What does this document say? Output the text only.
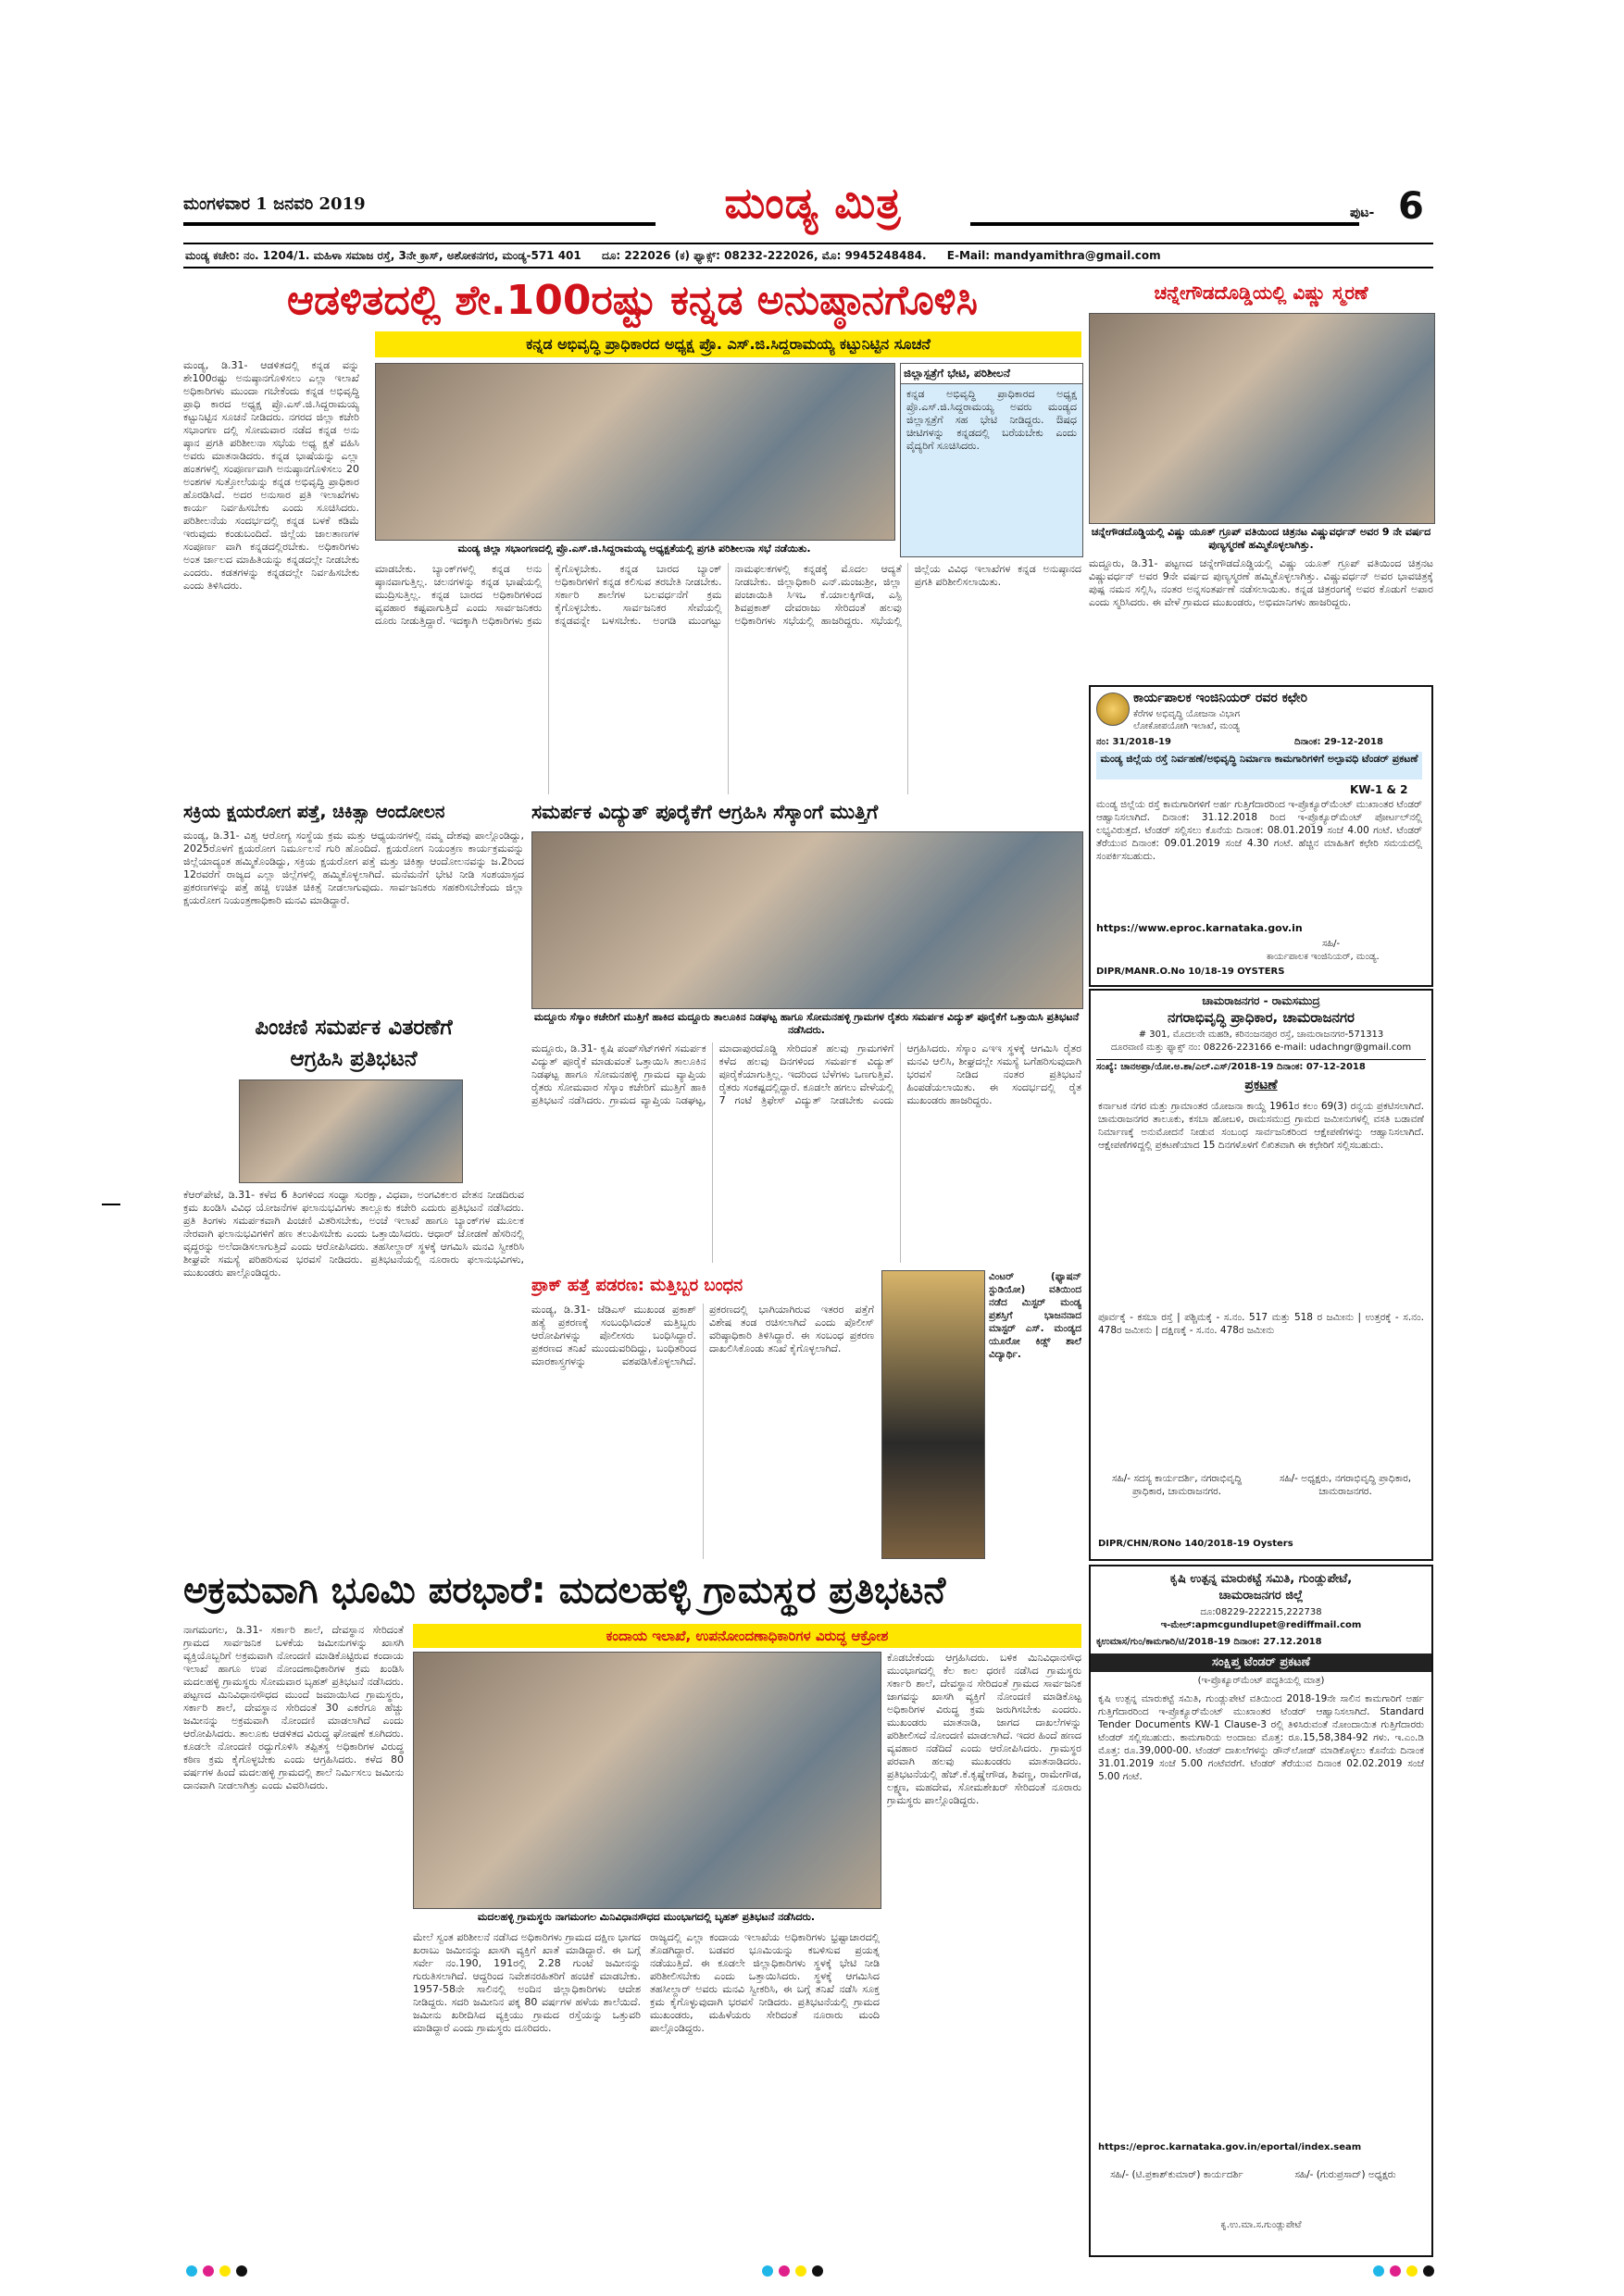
ಮಂಗಳವಾರ 1 ಜನವರಿ 2019	ಮಂಡ್ಯ ಮಿತ್ರ	ಪುಟ- 6
ಮಂಡ್ಯ ಕಚೇರಿ: ನಂ. 1204/1. ಮಹಿಳಾ ಸಮಾಜ ರಸ್ತೆ, 3ನೇ ಕ್ರಾಸ್, ಅಶೋಕನಗರ, ಮಂಡ್ಯ-571 401 ದೂ: 222026 (ಕ) ಫ್ಯಾಕ್ಸ್: 08232-222026, ಮೊ: 9945248484. E-Mail: mandyamithra@gmail.com
ಆಡಳಿತದಲ್ಲಿ ಶೇ.100ರಷ್ಟು ಕನ್ನಡ ಅನುಷ್ಠಾನಗೊಳಿಸಿ
ಮಂಡ್ಯ, ಡಿ.31- ಆಡಳಿತದಲ್ಲಿ ಕನ್ನಡ ವನ್ನು ಶೇ100ರಷ್ಟು ಅನುಷ್ಠಾನಗೊಳಿಸಲು ಎಲ್ಲಾ ಇಲಾಖೆ ಅಧಿಕಾರಿಗಳು ಮುಂದಾ ಗಬೇಕೆಂದು ಕನ್ನಡ ಅಭಿವೃದ್ಧಿ ಪ್ರಾಧಿ ಕಾರದ ಅಧ್ಯಕ್ಷ ಪ್ರೊ.ಎಸ್.ಜಿ.ಸಿದ್ದರಾಮಯ್ಯ ಕಟ್ಟುನಿಟ್ಟಿನ ಸೂಚನೆ ನೀಡಿದರು. ನಗರದ ಜಿಲ್ಲಾ ಕಚೇರಿ ಸಭಾಂಗಣ ದಲ್ಲಿ ಸೋಮವಾರ ನಡೆದ ಕನ್ನಡ ಅನು ಷ್ಠಾನ ಪ್ರಗತಿ ಪರಿಶೀಲನಾ ಸಭೆಯ ಅಧ್ಯ ಕ್ಷತೆ ವಹಿಸಿ ಅವರು ಮಾತನಾಡಿದರು. ಕನ್ನಡ ಭಾಷೆಯನ್ನು ಎಲ್ಲಾ ಹಂತಗಳಲ್ಲಿ ಸಂಪೂರ್ಣವಾಗಿ ಅನುಷ್ಠಾನಗೊಳಿಸಲು 20 ಅಂಶಗಳ ಸುತ್ತೋಲೆಯನ್ನು ಕನ್ನಡ ಅಭಿವೃದ್ಧಿ ಪ್ರಾಧಿಕಾರ ಹೊರಡಿಸಿದೆ. ಅದರ ಅನುಸಾರ ಪ್ರತಿ ಇಲಾಖೆಗಳು ಕಾರ್ಯ ನಿರ್ವಹಿಸಬೇಕು ಎಂದು ಸೂಚಿಸಿದರು. ಪರಿಶೀಲನೆಯ ಸಂದರ್ಭದಲ್ಲಿ ಕನ್ನಡ ಬಳಕೆ ಕಡಿಮೆ ಇರುವುದು ಕಂಡುಬಂದಿದೆ. ಜಿಲ್ಲೆಯ ಜಾಲತಾಣಗಳ ಸಂಪೂರ್ಣ ವಾಗಿ ಕನ್ನಡದಲ್ಲಿರಬೇಕು. ಅಧಿಕಾರಿಗಳು ಅಂತ ರ್ಜಾಲದ ಮಾಹಿತಿಯನ್ನು ಕನ್ನಡದಲ್ಲೇ ನೀಡಬೇಕು ಎಂದರು. ಕಡತಗಳನ್ನು ಕನ್ನಡದಲ್ಲೇ ನಿರ್ವಹಿಸಬೇಕು ಎಂದು ತಿಳಿಸಿದರು.
ಕನ್ನಡ ಅಭಿವೃದ್ಧಿ ಪ್ರಾಧಿಕಾರದ ಅಧ್ಯಕ್ಷ ಪ್ರೊ. ಎಸ್.ಜಿ.ಸಿದ್ದರಾಮಯ್ಯ ಕಟ್ಟುನಿಟ್ಟಿನ ಸೂಚನೆ
ಮಂಡ್ಯ ಜಿಲ್ಲಾ ಸಭಾಂಗಣದಲ್ಲಿ ಪ್ರೊ.ಎಸ್.ಜಿ.ಸಿದ್ದರಾಮಯ್ಯ ಅಧ್ಯಕ್ಷತೆಯಲ್ಲಿ ಪ್ರಗತಿ ಪರಿಶೀಲನಾ ಸಭೆ ನಡೆಯಿತು.
ಜಿಲ್ಲಾಸ್ಪತ್ರೆಗೆ ಭೇಟಿ, ಪರಿಶೀಲನೆ
ಕನ್ನಡ ಅಭಿವೃದ್ಧಿ ಪ್ರಾಧಿಕಾರದ ಅಧ್ಯಕ್ಷ ಪ್ರೊ.ಎಸ್.ಜಿ.ಸಿದ್ದರಾಮಯ್ಯ ಅವರು ಮಂಡ್ಯದ ಜಿಲ್ಲಾಸ್ಪತ್ರೆಗೆ ಸಹ ಭೇಟಿ ನೀಡಿದ್ದರು. ಔಷಧ ಚೀಟಿಗಳನ್ನು ಕನ್ನಡದಲ್ಲಿ ಬರೆಯಬೇಕು ಎಂದು ವೈದ್ಯರಿಗೆ ಸೂಚಿಸಿದರು.
ಮಾಡಬೇಕು. ಬ್ಯಾಂಕ್‌ಗಳಲ್ಲಿ ಕನ್ನಡ ಅನು ಷ್ಠಾನವಾಗುತ್ತಿಲ್ಲ. ಚಲನಗಳನ್ನು ಕನ್ನಡ ಭಾಷೆಯಲ್ಲಿ ಮುದ್ರಿಸುತ್ತಿಲ್ಲ. ಕನ್ನಡ ಬಾರದ ಅಧಿಕಾರಿಗಳಿಂದ ವ್ಯವಹಾರ ಕಷ್ಟವಾಗುತ್ತಿದೆ ಎಂದು ಸಾರ್ವಜನಿಕರು ದೂರು ನೀಡುತ್ತಿದ್ದಾರೆ. ಇದಕ್ಕಾಗಿ ಅಧಿಕಾರಿಗಳು ಕ್ರಮ ಕೈಗೊಳ್ಳಬೇಕು. ಕನ್ನಡ ಬಾರದ ಬ್ಯಾಂಕ್ ಅಧಿಕಾರಿಗಳಿಗೆ ಕನ್ನಡ ಕಲಿಸುವ ತರಬೇತಿ ನೀಡಬೇಕು. ಸರ್ಕಾರಿ ಶಾಲೆಗಳ ಬಲವರ್ಧನೆಗೆ ಕ್ರಮ ಕೈಗೊಳ್ಳಬೇಕು. ಸಾರ್ವಜನಿಕರ ಸೇವೆಯಲ್ಲಿ ಕನ್ನಡವನ್ನೇ ಬಳಸಬೇಕು. ಅಂಗಡಿ ಮುಂಗಟ್ಟು ನಾಮಫಲಕಗಳಲ್ಲಿ ಕನ್ನಡಕ್ಕೆ ಮೊದಲ ಆದ್ಯತೆ ನೀಡಬೇಕು. ಜಿಲ್ಲಾಧಿಕಾರಿ ಎನ್.ಮಂಜುಶ್ರೀ, ಜಿಲ್ಲಾ ಪಂಚಾಯಿತಿ ಸಿಇಒ ಕೆ.ಯಾಲಕ್ಕಿಗೌಡ, ಎಸ್ಪಿ ಶಿವಪ್ರಕಾಶ್ ದೇವರಾಜು ಸೇರಿದಂತೆ ಹಲವು ಅಧಿಕಾರಿಗಳು ಸಭೆಯಲ್ಲಿ ಹಾಜರಿದ್ದರು. ಸಭೆಯಲ್ಲಿ ಜಿಲ್ಲೆಯ ವಿವಿಧ ಇಲಾಖೆಗಳ ಕನ್ನಡ ಅನುಷ್ಠಾನದ ಪ್ರಗತಿ ಪರಿಶೀಲಿಸಲಾಯಿತು.
ಚನ್ನೇಗೌಡದೊಡ್ಡಿಯಲ್ಲಿ ವಿಷ್ಣು ಸ್ಮರಣೆ
ಚನ್ನೇಗೌಡದೊಡ್ಡಿಯಲ್ಲಿ ವಿಷ್ಣು ಯೂತ್ ಗ್ರೂಪ್ ವತಿಯಿಂದ ಚಿತ್ರನಟ ವಿಷ್ಣುವರ್ಧನ್ ಅವರ 9 ನೇ ವರ್ಷದ ಪುಣ್ಯಸ್ಮರಣೆ ಹಮ್ಮಿಕೊಳ್ಳಲಾಗಿತ್ತು.
ಮದ್ದೂರು, ಡಿ.31- ಪಟ್ಟಣದ ಚನ್ನೇಗೌಡದೊಡ್ಡಿಯಲ್ಲಿ ವಿಷ್ಣು ಯೂತ್ ಗ್ರೂಪ್ ವತಿಯಿಂದ ಚಿತ್ರನಟ ವಿಷ್ಣುವರ್ಧನ್ ಅವರ 9ನೇ ವರ್ಷದ ಪುಣ್ಯಸ್ಮರಣೆ ಹಮ್ಮಿಕೊಳ್ಳಲಾಗಿತ್ತು. ವಿಷ್ಣುವರ್ಧನ್ ಅವರ ಭಾವಚಿತ್ರಕ್ಕೆ ಪುಷ್ಪ ನಮನ ಸಲ್ಲಿಸಿ, ನಂತರ ಅನ್ನಸಂತರ್ಪಣೆ ನಡೆಸಲಾಯಿತು. ಕನ್ನಡ ಚಿತ್ರರಂಗಕ್ಕೆ ಅವರ ಕೊಡುಗೆ ಅಪಾರ ಎಂದು ಸ್ಮರಿಸಿದರು. ಈ ವೇಳೆ ಗ್ರಾಮದ ಮುಖಂಡರು, ಅಭಿಮಾನಿಗಳು ಹಾಜರಿದ್ದರು.
ಕಾರ್ಯಪಾಲಕ ಇಂಜಿನಿಯರ್ ರವರ ಕಛೇರಿ
ಕೆರೆಗಳ ಅಭಿವೃದ್ಧಿ ಯೋಜನಾ ವಿಭಾಗ
ಲೋಕೋಪಯೋಗಿ ಇಲಾಖೆ, ಮಂಡ್ಯ
ನಂ: 31/2018-19	ದಿನಾಂಕ: 29-12-2018
ಮಂಡ್ಯ ಜಿಲ್ಲೆಯ ರಸ್ತೆ ನಿರ್ವಹಣೆ/ಅಭಿವೃದ್ಧಿ ನಿರ್ಮಾಣ ಕಾಮಗಾರಿಗಳಿಗೆ ಅಲ್ಪಾವಧಿ ಟೆಂಡರ್ ಪ್ರಕಟಣೆ
KW-1 & 2
ಮಂಡ್ಯ ಜಿಲ್ಲೆಯ ರಸ್ತೆ ಕಾಮಗಾರಿಗಳಿಗೆ ಅರ್ಹ ಗುತ್ತಿಗೆದಾರರಿಂದ ಇ-ಪ್ರೊಕ್ಯೂರ್‌ಮೆಂಟ್ ಮುಖಾಂತರ ಟೆಂಡರ್ ಆಹ್ವಾನಿಸಲಾಗಿದೆ. ದಿನಾಂಕ: 31.12.2018 ರಿಂದ ಇ-ಪ್ರೊಕ್ಯೂರ್‌ಮೆಂಟ್ ಪೋರ್ಟಲ್‌ನಲ್ಲಿ ಲಭ್ಯವಿರುತ್ತದೆ. ಟೆಂಡರ್ ಸಲ್ಲಿಸಲು ಕೊನೆಯ ದಿನಾಂಕ: 08.01.2019 ಸಂಜೆ 4.00 ಗಂಟೆ. ಟೆಂಡರ್ ತೆರೆಯುವ ದಿನಾಂಕ: 09.01.2019 ಸಂಜೆ 4.30 ಗಂಟೆ. ಹೆಚ್ಚಿನ ಮಾಹಿತಿಗೆ ಕಛೇರಿ ಸಮಯದಲ್ಲಿ ಸಂಪರ್ಕಿಸಬಹುದು.
https://www.eproc.karnataka.gov.in
ಸಹಿ/-
ಕಾರ್ಯಪಾಲಕ ಇಂಜಿನಿಯರ್, ಮಂಡ್ಯ.
DIPR/MANR.O.No 10/18-19 OYSTERS
ಸಕ್ರಿಯ ಕ್ಷಯರೋಗ ಪತ್ತೆ, ಚಿಕಿತ್ಸಾ ಆಂದೋಲನ
ಮಂಡ್ಯ, ಡಿ.31- ವಿಶ್ವ ಆರೋಗ್ಯ ಸಂಸ್ಥೆಯ ಕ್ರಮ ಮತ್ತು ಆಧ್ಯಯನಗಳಲ್ಲಿ ನಮ್ಮ ದೇಶವು ಪಾಲ್ಗೊಂಡಿದ್ದು, 2025ರೊಳಗೆ ಕ್ಷಯರೋಗ ನಿರ್ಮೂಲನೆ ಗುರಿ ಹೊಂದಿದೆ. ಕ್ಷಯರೋಗ ನಿಯಂತ್ರಣ ಕಾರ್ಯಕ್ರಮವನ್ನು ಜಿಲ್ಲೆಯಾದ್ಯಂತ ಹಮ್ಮಿಕೊಂಡಿದ್ದು, ಸಕ್ರಿಯ ಕ್ಷಯರೋಗ ಪತ್ತೆ ಮತ್ತು ಚಿಕಿತ್ಸಾ ಆಂದೋಲನವನ್ನು ಜ.2ರಿಂದ 12ರವರೆಗೆ ರಾಜ್ಯದ ಎಲ್ಲಾ ಜಿಲ್ಲೆಗಳಲ್ಲಿ ಹಮ್ಮಿಕೊಳ್ಳಲಾಗಿದೆ. ಮನೆಮನೆಗೆ ಭೇಟಿ ನೀಡಿ ಸಂಶಯಾಸ್ಪದ ಪ್ರಕರಣಗಳನ್ನು ಪತ್ತೆ ಹಚ್ಚಿ ಉಚಿತ ಚಿಕಿತ್ಸೆ ನೀಡಲಾಗುವುದು. ಸಾರ್ವಜನಿಕರು ಸಹಕರಿಸಬೇಕೆಂದು ಜಿಲ್ಲಾ ಕ್ಷಯರೋಗ ನಿಯಂತ್ರಣಾಧಿಕಾರಿ ಮನವಿ ಮಾಡಿದ್ದಾರೆ.
ಪಿಂಚಣಿ ಸಮರ್ಪಕ ವಿತರಣೆಗೆ
ಆಗ್ರಹಿಸಿ ಪ್ರತಿಭಟನೆ
ಕೆಆರ್‌ಪೇಟೆ, ಡಿ.31- ಕಳೆದ 6 ತಿಂಗಳಿಂದ ಸಂಧ್ಯಾ ಸುರಕ್ಷಾ, ವಿಧವಾ, ಅಂಗವಿಕಲರ ವೇತನ ನೀಡದಿರುವ ಕ್ರಮ ಖಂಡಿಸಿ ವಿವಿಧ ಯೋಜನೆಗಳ ಫಲಾನುಭವಿಗಳು ತಾಲ್ಲೂಕು ಕಚೇರಿ ಎದುರು ಪ್ರತಿಭಟನೆ ನಡೆಸಿದರು. ಪ್ರತಿ ತಿಂಗಳು ಸಮರ್ಪಕವಾಗಿ ಪಿಂಚಣಿ ವಿತರಿಸಬೇಕು, ಅಂಚೆ ಇಲಾಖೆ ಹಾಗೂ ಬ್ಯಾಂಕ್‌ಗಳ ಮೂಲಕ ನೇರವಾಗಿ ಫಲಾನುಭವಿಗಳಿಗೆ ಹಣ ತಲುಪಿಸಬೇಕು ಎಂದು ಒತ್ತಾಯಿಸಿದರು. ಆಧಾರ್ ಜೋಡಣೆ ಹೆಸರಿನಲ್ಲಿ ವೃದ್ಧರನ್ನು ಅಲೆದಾಡಿಸಲಾಗುತ್ತಿದೆ ಎಂದು ಆರೋಪಿಸಿದರು. ತಹಸೀಲ್ದಾರ್ ಸ್ಥಳಕ್ಕೆ ಆಗಮಿಸಿ ಮನವಿ ಸ್ವೀಕರಿಸಿ ಶೀಘ್ರವೇ ಸಮಸ್ಯೆ ಪರಿಹರಿಸುವ ಭರವಸೆ ನೀಡಿದರು. ಪ್ರತಿಭಟನೆಯಲ್ಲಿ ನೂರಾರು ಫಲಾನುಭವಿಗಳು, ಮುಖಂಡರು ಪಾಲ್ಗೊಂಡಿದ್ದರು.
ಸಮರ್ಪಕ ವಿದ್ಯುತ್ ಪೂರೈಕೆಗೆ ಆಗ್ರಹಿಸಿ ಸೆಸ್ಕಾಂಗೆ ಮುತ್ತಿಗೆ
ಮದ್ದೂರು ಸೆಸ್ಕಾಂ ಕಚೇರಿಗೆ ಮುತ್ತಿಗೆ ಹಾಕಿದ ಮದ್ದೂರು ತಾಲೂಕಿನ ನಿಡಘಟ್ಟ ಹಾಗೂ ಸೋಮನಹಳ್ಳಿ ಗ್ರಾಮಗಳ ರೈತರು ಸಮರ್ಪಕ ವಿದ್ಯುತ್ ಪೂರೈಕೆಗೆ ಒತ್ತಾಯಿಸಿ ಪ್ರತಿಭಟನೆ ನಡೆಸಿದರು.
ಮದ್ದೂರು, ಡಿ.31- ಕೃಷಿ ಪಂಪ್‌ಸೆಟ್‌ಗಳಿಗೆ ಸಮರ್ಪಕ ವಿದ್ಯುತ್ ಪೂರೈಕೆ ಮಾಡುವಂತೆ ಒತ್ತಾಯಿಸಿ ತಾಲೂಕಿನ ನಿಡಘಟ್ಟ ಹಾಗೂ ಸೋಮನಹಳ್ಳಿ ಗ್ರಾಮದ ವ್ಯಾಪ್ತಿಯ ರೈತರು ಸೋಮವಾರ ಸೆಸ್ಕಾಂ ಕಚೇರಿಗೆ ಮುತ್ತಿಗೆ ಹಾಕಿ ಪ್ರತಿಭಟನೆ ನಡೆಸಿದರು. ಗ್ರಾಮದ ವ್ಯಾಪ್ತಿಯ ನಿಡಘಟ್ಟ, ಮಾದಾಪುರದೊಡ್ಡಿ ಸೇರಿದಂತೆ ಹಲವು ಗ್ರಾಮಗಳಿಗೆ ಕಳೆದ ಹಲವು ದಿನಗಳಿಂದ ಸಮರ್ಪಕ ವಿದ್ಯುತ್ ಪೂರೈಕೆಯಾಗುತ್ತಿಲ್ಲ. ಇದರಿಂದ ಬೆಳೆಗಳು ಒಣಗುತ್ತಿವೆ. ರೈತರು ಸಂಕಷ್ಟದಲ್ಲಿದ್ದಾರೆ. ಕೂಡಲೇ ಹಗಲು ವೇಳೆಯಲ್ಲಿ 7 ಗಂಟೆ ತ್ರಿಫೇಸ್ ವಿದ್ಯುತ್ ನೀಡಬೇಕು ಎಂದು ಆಗ್ರಹಿಸಿದರು. ಸೆಸ್ಕಾಂ ಎಇಇ ಸ್ಥಳಕ್ಕೆ ಆಗಮಿಸಿ ರೈತರ ಮನವಿ ಆಲಿಸಿ, ಶೀಘ್ರದಲ್ಲೇ ಸಮಸ್ಯೆ ಬಗೆಹರಿಸುವುದಾಗಿ ಭರವಸೆ ನೀಡಿದ ನಂತರ ಪ್ರತಿಭಟನೆ ಹಿಂಪಡೆಯಲಾಯಿತು. ಈ ಸಂದರ್ಭದಲ್ಲಿ ರೈತ ಮುಖಂಡರು ಹಾಜರಿದ್ದರು.
ಪ್ರಾಕ್ ಹತ್ತೆ ಪಡರಣ: ಮತ್ತಿಬ್ಬರ ಬಂಧನ
ಮಂಡ್ಯ, ಡಿ.31- ಜೆಡಿಎಸ್ ಮುಖಂಡ ಪ್ರಕಾಶ್ ಹತ್ಯೆ ಪ್ರಕರಣಕ್ಕೆ ಸಂಬಂಧಿಸಿದಂತೆ ಮತ್ತಿಬ್ಬರು ಆರೋಪಿಗಳನ್ನು ಪೊಲೀಸರು ಬಂಧಿಸಿದ್ದಾರೆ. ಪ್ರಕರಣದ ತನಿಖೆ ಮುಂದುವರಿದಿದ್ದು, ಬಂಧಿತರಿಂದ ಮಾರಕಾಸ್ತ್ರಗಳನ್ನು ವಶಪಡಿಸಿಕೊಳ್ಳಲಾಗಿದೆ. ಪ್ರಕರಣದಲ್ಲಿ ಭಾಗಿಯಾಗಿರುವ ಇತರರ ಪತ್ತೆಗೆ ವಿಶೇಷ ತಂಡ ರಚಿಸಲಾಗಿದೆ ಎಂದು ಪೊಲೀಸ್ ವರಿಷ್ಠಾಧಿಕಾರಿ ತಿಳಿಸಿದ್ದಾರೆ. ಈ ಸಂಬಂಧ ಪ್ರಕರಣ ದಾಖಲಿಸಿಕೊಂಡು ತನಿಖೆ ಕೈಗೊಳ್ಳಲಾಗಿದೆ.
ವಿಂಟರ್ (ಫ್ಯಾಷನ್ ಸ್ಟುಡಿಯೋ) ವತಿಯಿಂದ ನಡೆದ ಮಿಸ್ಟರ್ ಮಂಡ್ಯ ಪ್ರಶಸ್ತಿಗೆ ಭಾಜನನಾದ ಮಾಸ್ಟರ್ ಎಸ್. ಮಂಡ್ಯದ ಯೂರೋ ಕಿಡ್ಸ್ ಶಾಲೆ ವಿದ್ಯಾರ್ಥಿ.
ಚಾಮರಾಜನಗರ - ರಾಮಸಮುದ್ರ
ನಗರಾಭಿವೃದ್ಧಿ ಪ್ರಾಧಿಕಾರ, ಚಾಮರಾಜನಗರ
# 301, ಮೊದಲನೇ ಮಹಡಿ, ಕರಿನಂಜನಪುರ ರಸ್ತೆ, ಚಾಮರಾಜನಗರ-571313
ದೂರವಾಣಿ ಮತ್ತು ಫ್ಯಾಕ್ಸ್ ನಂ: 08226-223166 e-mail: udachngr@gmail.com
ಸಂಖ್ಯೆ: ಚಾನಅಪ್ರಾ/ಯೋ.ಅ.ಶಾ/ಎಲ್.ಎಸ್/2018-19 ದಿನಾಂಕ: 07-12-2018
ಪ್ರಕಟಣೆ
ಕರ್ನಾಟಕ ನಗರ ಮತ್ತು ಗ್ರಾಮಾಂತರ ಯೋಜನಾ ಕಾಯ್ದೆ 1961ರ ಕಲಂ 69(3) ರನ್ವಯ ಪ್ರಕಟಿಸಲಾಗಿದೆ. ಚಾಮರಾಜನಗರ ತಾಲೂಕು, ಕಸಬಾ ಹೋಬಳಿ, ರಾಮಸಮುದ್ರ ಗ್ರಾಮದ ಜಮೀನುಗಳಲ್ಲಿ ವಸತಿ ಬಡಾವಣೆ ನಿರ್ಮಾಣಕ್ಕೆ ಅನುಮೋದನೆ ನೀಡುವ ಸಂಬಂಧ ಸಾರ್ವಜನಿಕರಿಂದ ಆಕ್ಷೇಪಣೆಗಳನ್ನು ಆಹ್ವಾನಿಸಲಾಗಿದೆ. ಆಕ್ಷೇಪಣೆಗಳಿದ್ದಲ್ಲಿ ಪ್ರಕಟಣೆಯಾದ 15 ದಿನಗಳೊಳಗೆ ಲಿಖಿತವಾಗಿ ಈ ಕಛೇರಿಗೆ ಸಲ್ಲಿಸಬಹುದು.
ಪೂರ್ವಕ್ಕೆ - ಕಸಬಾ ರಸ್ತೆ | ಪಶ್ಚಿಮಕ್ಕೆ - ಸ.ನಂ. 517 ಮತ್ತು 518 ರ ಜಮೀನು | ಉತ್ತರಕ್ಕೆ - ಸ.ನಂ. 478ರ ಜಮೀನು | ದಕ್ಷಿಣಕ್ಕೆ - ಸ.ನಂ. 478ರ ಜಮೀನು
ಸಹಿ/- ಸದಸ್ಯ ಕಾರ್ಯದರ್ಶಿ, ನಗರಾಭಿವೃದ್ಧಿ ಪ್ರಾಧಿಕಾರ, ಚಾಮರಾಜನಗರ.
ಸಹಿ/- ಅಧ್ಯಕ್ಷರು, ನಗರಾಭಿವೃದ್ಧಿ ಪ್ರಾಧಿಕಾರ, ಚಾಮರಾಜನಗರ.
DIPR/CHN/RONo 140/2018-19 Oysters
ಅಕ್ರಮವಾಗಿ ಭೂಮಿ ಪರಭಾರೆ: ಮದಲಹಳ್ಳಿ ಗ್ರಾಮಸ್ಥರ ಪ್ರತಿಭಟನೆ
ನಾಗಮಂಗಲ, ಡಿ.31- ಸರ್ಕಾರಿ ಶಾಲೆ, ದೇವಸ್ಥಾನ ಸೇರಿದಂತೆ ಗ್ರಾಮದ ಸಾರ್ವಜನಿಕ ಬಳಕೆಯ ಜಮೀನುಗಳನ್ನು ಖಾಸಗಿ ವ್ಯಕ್ತಿಯೊಬ್ಬರಿಗೆ ಅಕ್ರಮವಾಗಿ ನೋಂದಣಿ ಮಾಡಿಕೊಟ್ಟಿರುವ ಕಂದಾಯ ಇಲಾಖೆ ಹಾಗೂ ಉಪ ನೋಂದಣಾಧಿಕಾರಿಗಳ ಕ್ರಮ ಖಂಡಿಸಿ ಮದಲಹಳ್ಳಿ ಗ್ರಾಮಸ್ಥರು ಸೋಮವಾರ ಬೃಹತ್ ಪ್ರತಿಭಟನೆ ನಡೆಸಿದರು. ಪಟ್ಟಣದ ಮಿನಿವಿಧಾನಸೌಧದ ಮುಂದೆ ಜಮಾಯಿಸಿದ ಗ್ರಾಮಸ್ಥರು, ಸರ್ಕಾರಿ ಶಾಲೆ, ದೇವಸ್ಥಾನ ಸೇರಿದಂತೆ 30 ಎಕರೆಗೂ ಹೆಚ್ಚು ಜಮೀನನ್ನು ಅಕ್ರಮವಾಗಿ ನೋಂದಣಿ ಮಾಡಲಾಗಿದೆ ಎಂದು ಆರೋಪಿಸಿದರು. ತಾಲೂಕು ಆಡಳಿತದ ವಿರುದ್ಧ ಘೋಷಣೆ ಕೂಗಿದರು. ಕೂಡಲೇ ನೋಂದಣಿ ರದ್ದುಗೊಳಿಸಿ ತಪ್ಪಿತಸ್ಥ ಅಧಿಕಾರಿಗಳ ವಿರುದ್ಧ ಕಠಿಣ ಕ್ರಮ ಕೈಗೊಳ್ಳಬೇಕು ಎಂದು ಆಗ್ರಹಿಸಿದರು. ಕಳೆದ 80 ವರ್ಷಗಳ ಹಿಂದೆ ಮದಲಹಳ್ಳಿ ಗ್ರಾಮದಲ್ಲಿ ಶಾಲೆ ನಿರ್ಮಿಸಲು ಜಮೀನು ದಾನವಾಗಿ ನೀಡಲಾಗಿತ್ತು ಎಂದು ವಿವರಿಸಿದರು.
ಕಂದಾಯ ಇಲಾಖೆ, ಉಪನೋಂದಣಾಧಿಕಾರಿಗಳ ವಿರುದ್ಧ ಆಕ್ರೋಶ
ಮದಲಹಳ್ಳಿ ಗ್ರಾಮಸ್ಥರು ನಾಗಮಂಗಲ ಮಿನಿವಿಧಾನಸೌಧದ ಮುಂಭಾಗದಲ್ಲಿ ಬೃಹತ್ ಪ್ರತಿಭಟನೆ ನಡೆಸಿದರು.
ಕೊಡಬೇಕೆಂದು ಆಗ್ರಹಿಸಿದರು. ಬಳಿಕ ಮಿನಿವಿಧಾನಸೌಧ ಮುಂಭಾಗದಲ್ಲಿ ಕೆಲ ಕಾಲ ಧರಣಿ ನಡೆಸಿದ ಗ್ರಾಮಸ್ಥರು ಸರ್ಕಾರಿ ಶಾಲೆ, ದೇವಸ್ಥಾನ ಸೇರಿದಂತೆ ಗ್ರಾಮದ ಸಾರ್ವಜನಿಕ ಜಾಗವನ್ನು ಖಾಸಗಿ ವ್ಯಕ್ತಿಗೆ ನೋಂದಣಿ ಮಾಡಿಕೊಟ್ಟ ಅಧಿಕಾರಿಗಳ ವಿರುದ್ಧ ಕ್ರಮ ಜರುಗಿಸಬೇಕು ಎಂದರು. ಮುಖಂಡರು ಮಾತನಾಡಿ, ಜಾಗದ ದಾಖಲೆಗಳನ್ನು ಪರಿಶೀಲಿಸದೆ ನೋಂದಣಿ ಮಾಡಲಾಗಿದೆ. ಇದರ ಹಿಂದೆ ಹಣದ ವ್ಯವಹಾರ ನಡೆದಿದೆ ಎಂದು ಆರೋಪಿಸಿದರು. ಗ್ರಾಮಸ್ಥರ ಪರವಾಗಿ ಹಲವು ಮುಖಂಡರು ಮಾತನಾಡಿದರು. ಪ್ರತಿಭಟನೆಯಲ್ಲಿ ಹೆಚ್.ಕೆ.ಕೃಷ್ಣೇಗೌಡ, ಶಿವಣ್ಣ, ರಾಮೇಗೌಡ, ಲಕ್ಷ್ಮಣ, ಮಹದೇವ, ಸೋಮಶೇಖರ್ ಸೇರಿದಂತೆ ನೂರಾರು ಗ್ರಾಮಸ್ಥರು ಪಾಲ್ಗೊಂಡಿದ್ದರು.
ಮೇಲೆ ಸ್ವಂತ ಪರಿಶೀಲನೆ ನಡೆಸಿದ ಅಧಿಕಾರಿಗಳು ಗ್ರಾಮದ ದಕ್ಷಿಣ ಭಾಗದ ಖರಾಬು ಜಮೀನನ್ನು ಖಾಸಗಿ ವ್ಯಕ್ತಿಗೆ ಖಾತೆ ಮಾಡಿದ್ದಾರೆ. ಈ ಬಗ್ಗೆ ಸರ್ವೇ ನಂ.190, 191ರಲ್ಲಿ 2.28 ಗುಂಟೆ ಜಮೀನನ್ನು ಗುರುತಿಸಲಾಗಿದೆ. ಆದ್ದರಿಂದ ನಿವೇಶನರಹಿತರಿಗೆ ಹಂಚಿಕೆ ಮಾಡಬೇಕು. 1957-58ನೇ ಸಾಲಿನಲ್ಲಿ ಅಂದಿನ ಜಿಲ್ಲಾಧಿಕಾರಿಗಳು ಆದೇಶ ನೀಡಿದ್ದರು. ಸದರಿ ಜಮೀನಿನ ಪಕ್ಕ 80 ವರ್ಷಗಳ ಹಳೆಯ ಶಾಲೆಯಿದೆ. ಜಮೀನು ಖರೀದಿಸಿದ ವ್ಯಕ್ತಿಯು ಗ್ರಾಮದ ರಸ್ತೆಯನ್ನು ಒತ್ತುವರಿ ಮಾಡಿದ್ದಾರೆ ಎಂದು ಗ್ರಾಮಸ್ಥರು ದೂರಿದರು.
ರಾಜ್ಯದಲ್ಲಿ ಎಲ್ಲಾ ಕಂದಾಯ ಇಲಾಖೆಯ ಅಧಿಕಾರಿಗಳು ಭ್ರಷ್ಟಾಚಾರದಲ್ಲಿ ತೊಡಗಿದ್ದಾರೆ. ಬಡವರ ಭೂಮಿಯನ್ನು ಕಬಳಿಸುವ ಪ್ರಯತ್ನ ನಡೆಯುತ್ತಿದೆ. ಈ ಕೂಡಲೇ ಜಿಲ್ಲಾಧಿಕಾರಿಗಳು ಸ್ಥಳಕ್ಕೆ ಭೇಟಿ ನೀಡಿ ಪರಿಶೀಲಿಸಬೇಕು ಎಂದು ಒತ್ತಾಯಿಸಿದರು. ಸ್ಥಳಕ್ಕೆ ಆಗಮಿಸಿದ ತಹಸೀಲ್ದಾರ್ ಅವರು ಮನವಿ ಸ್ವೀಕರಿಸಿ, ಈ ಬಗ್ಗೆ ತನಿಖೆ ನಡೆಸಿ ಸೂಕ್ತ ಕ್ರಮ ಕೈಗೊಳ್ಳುವುದಾಗಿ ಭರವಸೆ ನೀಡಿದರು. ಪ್ರತಿಭಟನೆಯಲ್ಲಿ ಗ್ರಾಮದ ಮುಖಂಡರು, ಮಹಿಳೆಯರು ಸೇರಿದಂತೆ ನೂರಾರು ಮಂದಿ ಪಾಲ್ಗೊಂಡಿದ್ದರು.
ಕೃಷಿ ಉತ್ಪನ್ನ ಮಾರುಕಟ್ಟೆ ಸಮಿತಿ, ಗುಂಡ್ಲುಪೇಟೆ,
ಚಾಮರಾಜನಗರ ಜಿಲ್ಲೆ
ದೂ:08229-222215,222738
ಇ-ಮೇಲ್:apmcgundlupet@rediffmail.com
ಕೃಉಮಾಸ/ಗುಂ/ಕಾಮಗಾರಿ/ಟಿ/2018-19 ದಿನಾಂಕ: 27.12.2018
ಸಂಕ್ಷಿಪ್ತ ಟೆಂಡರ್ ಪ್ರಕಟಣೆ
(ಇ-ಪ್ರೊಕ್ಯೂರ್‌ಮೆಂಟ್ ಪದ್ಧತಿಯಲ್ಲಿ ಮಾತ್ರ)
ಕೃಷಿ ಉತ್ಪನ್ನ ಮಾರುಕಟ್ಟೆ ಸಮಿತಿ, ಗುಂಡ್ಲುಪೇಟೆ ವತಿಯಿಂದ 2018-19ನೇ ಸಾಲಿನ ಕಾಮಗಾರಿಗೆ ಅರ್ಹ ಗುತ್ತಿಗೆದಾರರಿಂದ ಇ-ಪ್ರೊಕ್ಯೂರ್‌ಮೆಂಟ್ ಮುಖಾಂತರ ಟೆಂಡರ್ ಆಹ್ವಾನಿಸಲಾಗಿದೆ. Standard Tender Documents KW-1 Clause-3 ರಲ್ಲಿ ತಿಳಿಸಿರುವಂತೆ ನೋಂದಾಯಿತ ಗುತ್ತಿಗೆದಾರರು ಟೆಂಡರ್ ಸಲ್ಲಿಸಬಹುದು. ಕಾಮಗಾರಿಯ ಅಂದಾಜು ಮೊತ್ತ: ರೂ.15,58,384-92 ಗಳು. ಇ.ಎಂ.ಡಿ ಮೊತ್ತ: ರೂ.39,000-00. ಟೆಂಡರ್ ದಾಖಲೆಗಳನ್ನು ಡೌನ್‌ಲೋಡ್ ಮಾಡಿಕೊಳ್ಳಲು ಕೊನೆಯ ದಿನಾಂಕ 31.01.2019 ಸಂಜೆ 5.00 ಗಂಟೆವರೆಗೆ. ಟೆಂಡರ್ ತೆರೆಯುವ ದಿನಾಂಕ 02.02.2019 ಸಂಜೆ 5.00 ಗಂಟೆ.
https://eproc.karnataka.gov.in/eportal/index.seam
ಸಹಿ/- (ಟಿ.ಪ್ರಕಾಶ್‌ಕುಮಾರ್) ಕಾರ್ಯದರ್ಶಿ	ಸಹಿ/- (ಗುರುಪ್ರಸಾದ್) ಅಧ್ಯಕ್ಷರು
ಕೃ.ಉ.ಮಾ.ಸ.ಗುಂಡ್ಲುಪೇಟೆ
